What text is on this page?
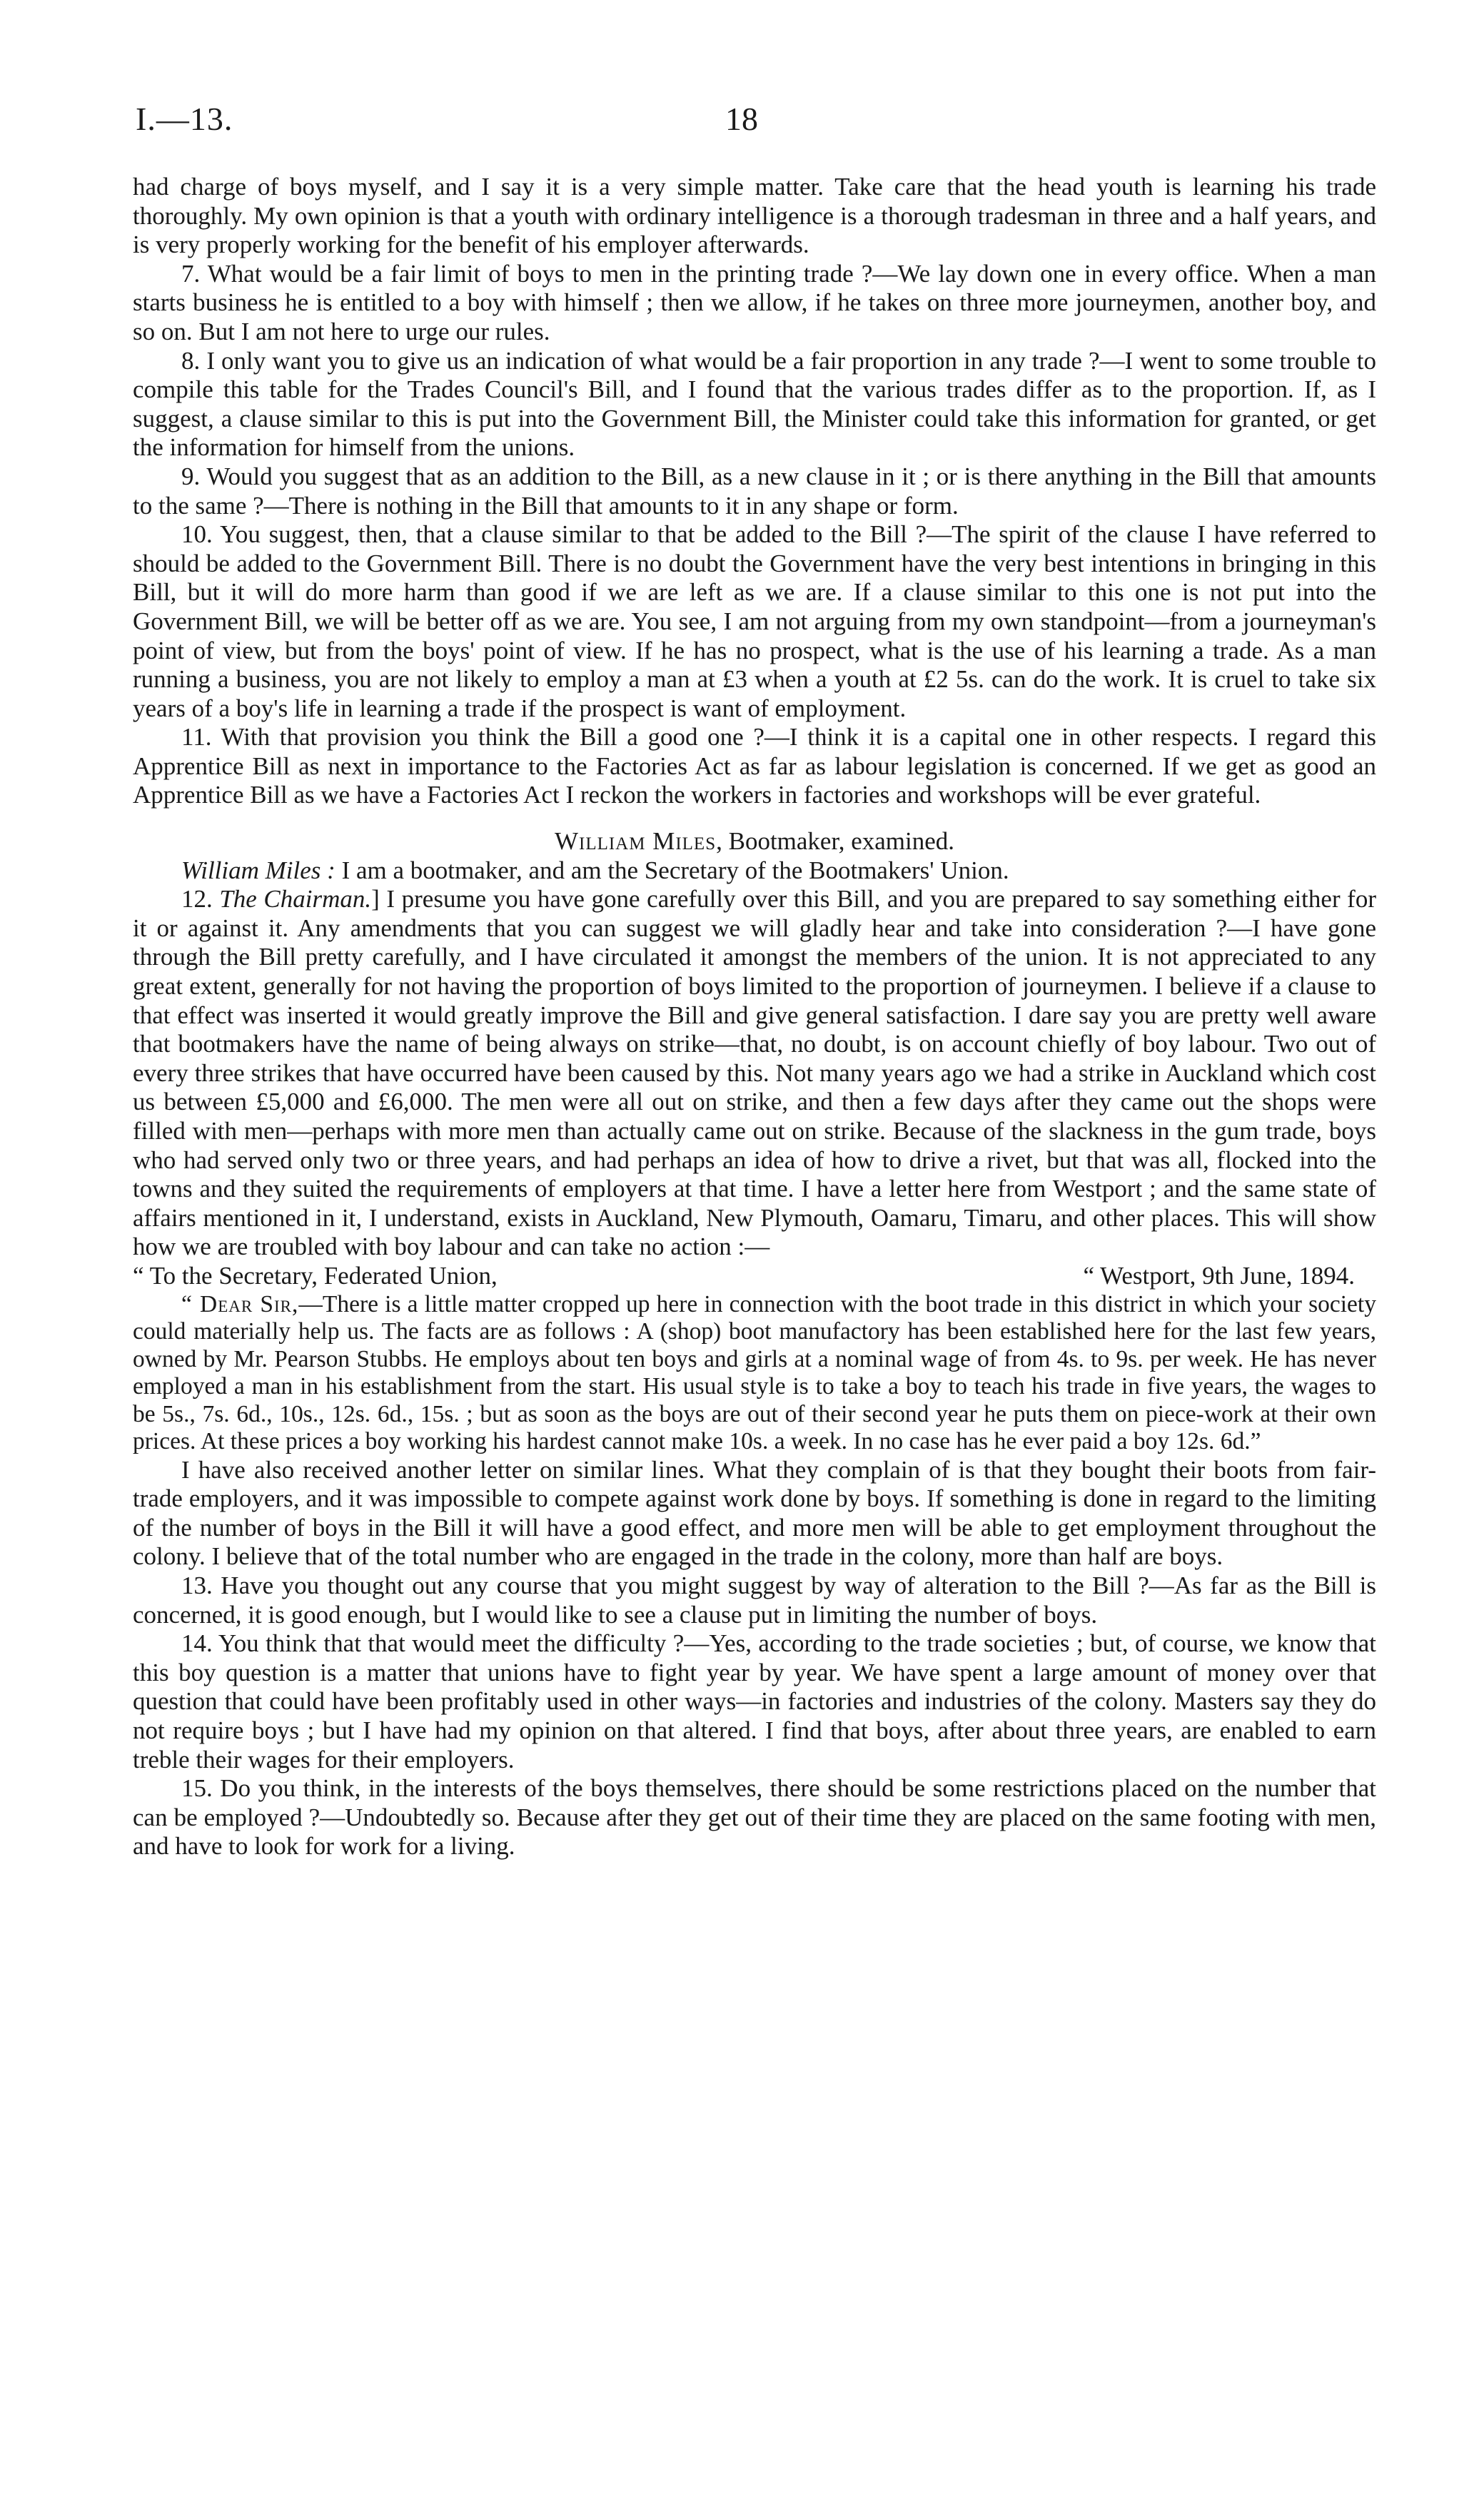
I.—13.	18

had charge of boys myself, and I say it is a very simple matter. Take care that the head youth is learning his trade thoroughly. My own opinion is that a youth with ordinary intelligence is a thorough tradesman in three and a half years, and is very properly working for the benefit of his employer afterwards.

7. What would be a fair limit of boys to men in the printing trade ?—We lay down one in every office. When a man starts business he is entitled to a boy with himself ; then we allow, if he takes on three more journeymen, another boy, and so on. But I am not here to urge our rules.

8. I only want you to give us an indication of what would be a fair proportion in any trade ?—I went to some trouble to compile this table for the Trades Council's Bill, and I found that the various trades differ as to the proportion. If, as I suggest, a clause similar to this is put into the Government Bill, the Minister could take this information for granted, or get the information for himself from the unions.

9. Would you suggest that as an addition to the Bill, as a new clause in it ; or is there anything in the Bill that amounts to the same ?—There is nothing in the Bill that amounts to it in any shape or form.

10. You suggest, then, that a clause similar to that be added to the Bill ?—The spirit of the clause I have referred to should be added to the Government Bill. There is no doubt the Government have the very best intentions in bringing in this Bill, but it will do more harm than good if we are left as we are. If a clause similar to this one is not put into the Government Bill, we will be better off as we are. You see, I am not arguing from my own standpoint—from a journeyman's point of view, but from the boys' point of view. If he has no prospect, what is the use of his learning a trade. As a man running a business, you are not likely to employ a man at £3 when a youth at £2 5s. can do the work. It is cruel to take six years of a boy's life in learning a trade if the prospect is want of employment.

11. With that provision you think the Bill a good one ?—I think it is a capital one in other respects. I regard this Apprentice Bill as next in importance to the Factories Act as far as labour legislation is concerned. If we get as good an Apprentice Bill as we have a Factories Act I reckon the workers in factories and workshops will be ever grateful.

William Miles, Bootmaker, examined.

William Miles : I am a bootmaker, and am the Secretary of the Bootmakers' Union.

12. The Chairman.] I presume you have gone carefully over this Bill, and you are prepared to say something either for it or against it. Any amendments that you can suggest we will gladly hear and take into consideration ?—I have gone through the Bill pretty carefully, and I have circulated it amongst the members of the union. It is not appreciated to any great extent, generally for not having the proportion of boys limited to the proportion of journeymen. I believe if a clause to that effect was inserted it would greatly improve the Bill and give general satisfaction. I dare say you are pretty well aware that bootmakers have the name of being always on strike—that, no doubt, is on account chiefly of boy labour. Two out of every three strikes that have occurred have been caused by this. Not many years ago we had a strike in Auckland which cost us between £5,000 and £6,000. The men were all out on strike, and then a few days after they came out the shops were filled with men—perhaps with more men than actually came out on strike. Because of the slackness in the gum trade, boys who had served only two or three years, and had perhaps an idea of how to drive a rivet, but that was all, flocked into the towns and they suited the requirements of employers at that time. I have a letter here from Westport ; and the same state of affairs mentioned in it, I understand, exists in Auckland, New Plymouth, Oamaru, Timaru, and other places. This will show how we are troubled with boy labour and can take no action :—

“ To the Secretary, Federated Union,	“ Westport, 9th June, 1894.

“ Dear Sir,—There is a little matter cropped up here in connection with the boot trade in this district in which your society could materially help us. The facts are as follows : A (shop) boot manufactory has been established here for the last few years, owned by Mr. Pearson Stubbs. He employs about ten boys and girls at a nominal wage of from 4s. to 9s. per week. He has never employed a man in his establishment from the start. His usual style is to take a boy to teach his trade in five years, the wages to be 5s., 7s. 6d., 10s., 12s. 6d., 15s. ; but as soon as the boys are out of their second year he puts them on piece-work at their own prices. At these prices a boy working his hardest cannot make 10s. a week. In no case has he ever paid a boy 12s. 6d.”

I have also received another letter on similar lines. What they complain of is that they bought their boots from fair-trade employers, and it was impossible to compete against work done by boys. If something is done in regard to the limiting of the number of boys in the Bill it will have a good effect, and more men will be able to get employment throughout the colony. I believe that of the total number who are engaged in the trade in the colony, more than half are boys.

13. Have you thought out any course that you might suggest by way of alteration to the Bill ?—As far as the Bill is concerned, it is good enough, but I would like to see a clause put in limiting the number of boys.

14. You think that that would meet the difficulty ?—Yes, according to the trade societies ; but, of course, we know that this boy question is a matter that unions have to fight year by year. We have spent a large amount of money over that question that could have been profitably used in other ways—in factories and industries of the colony. Masters say they do not require boys ; but I have had my opinion on that altered. I find that boys, after about three years, are enabled to earn treble their wages for their employers.

15. Do you think, in the interests of the boys themselves, there should be some restrictions placed on the number that can be employed ?—Undoubtedly so. Because after they get out of their time they are placed on the same footing with men, and have to look for work for a living.
